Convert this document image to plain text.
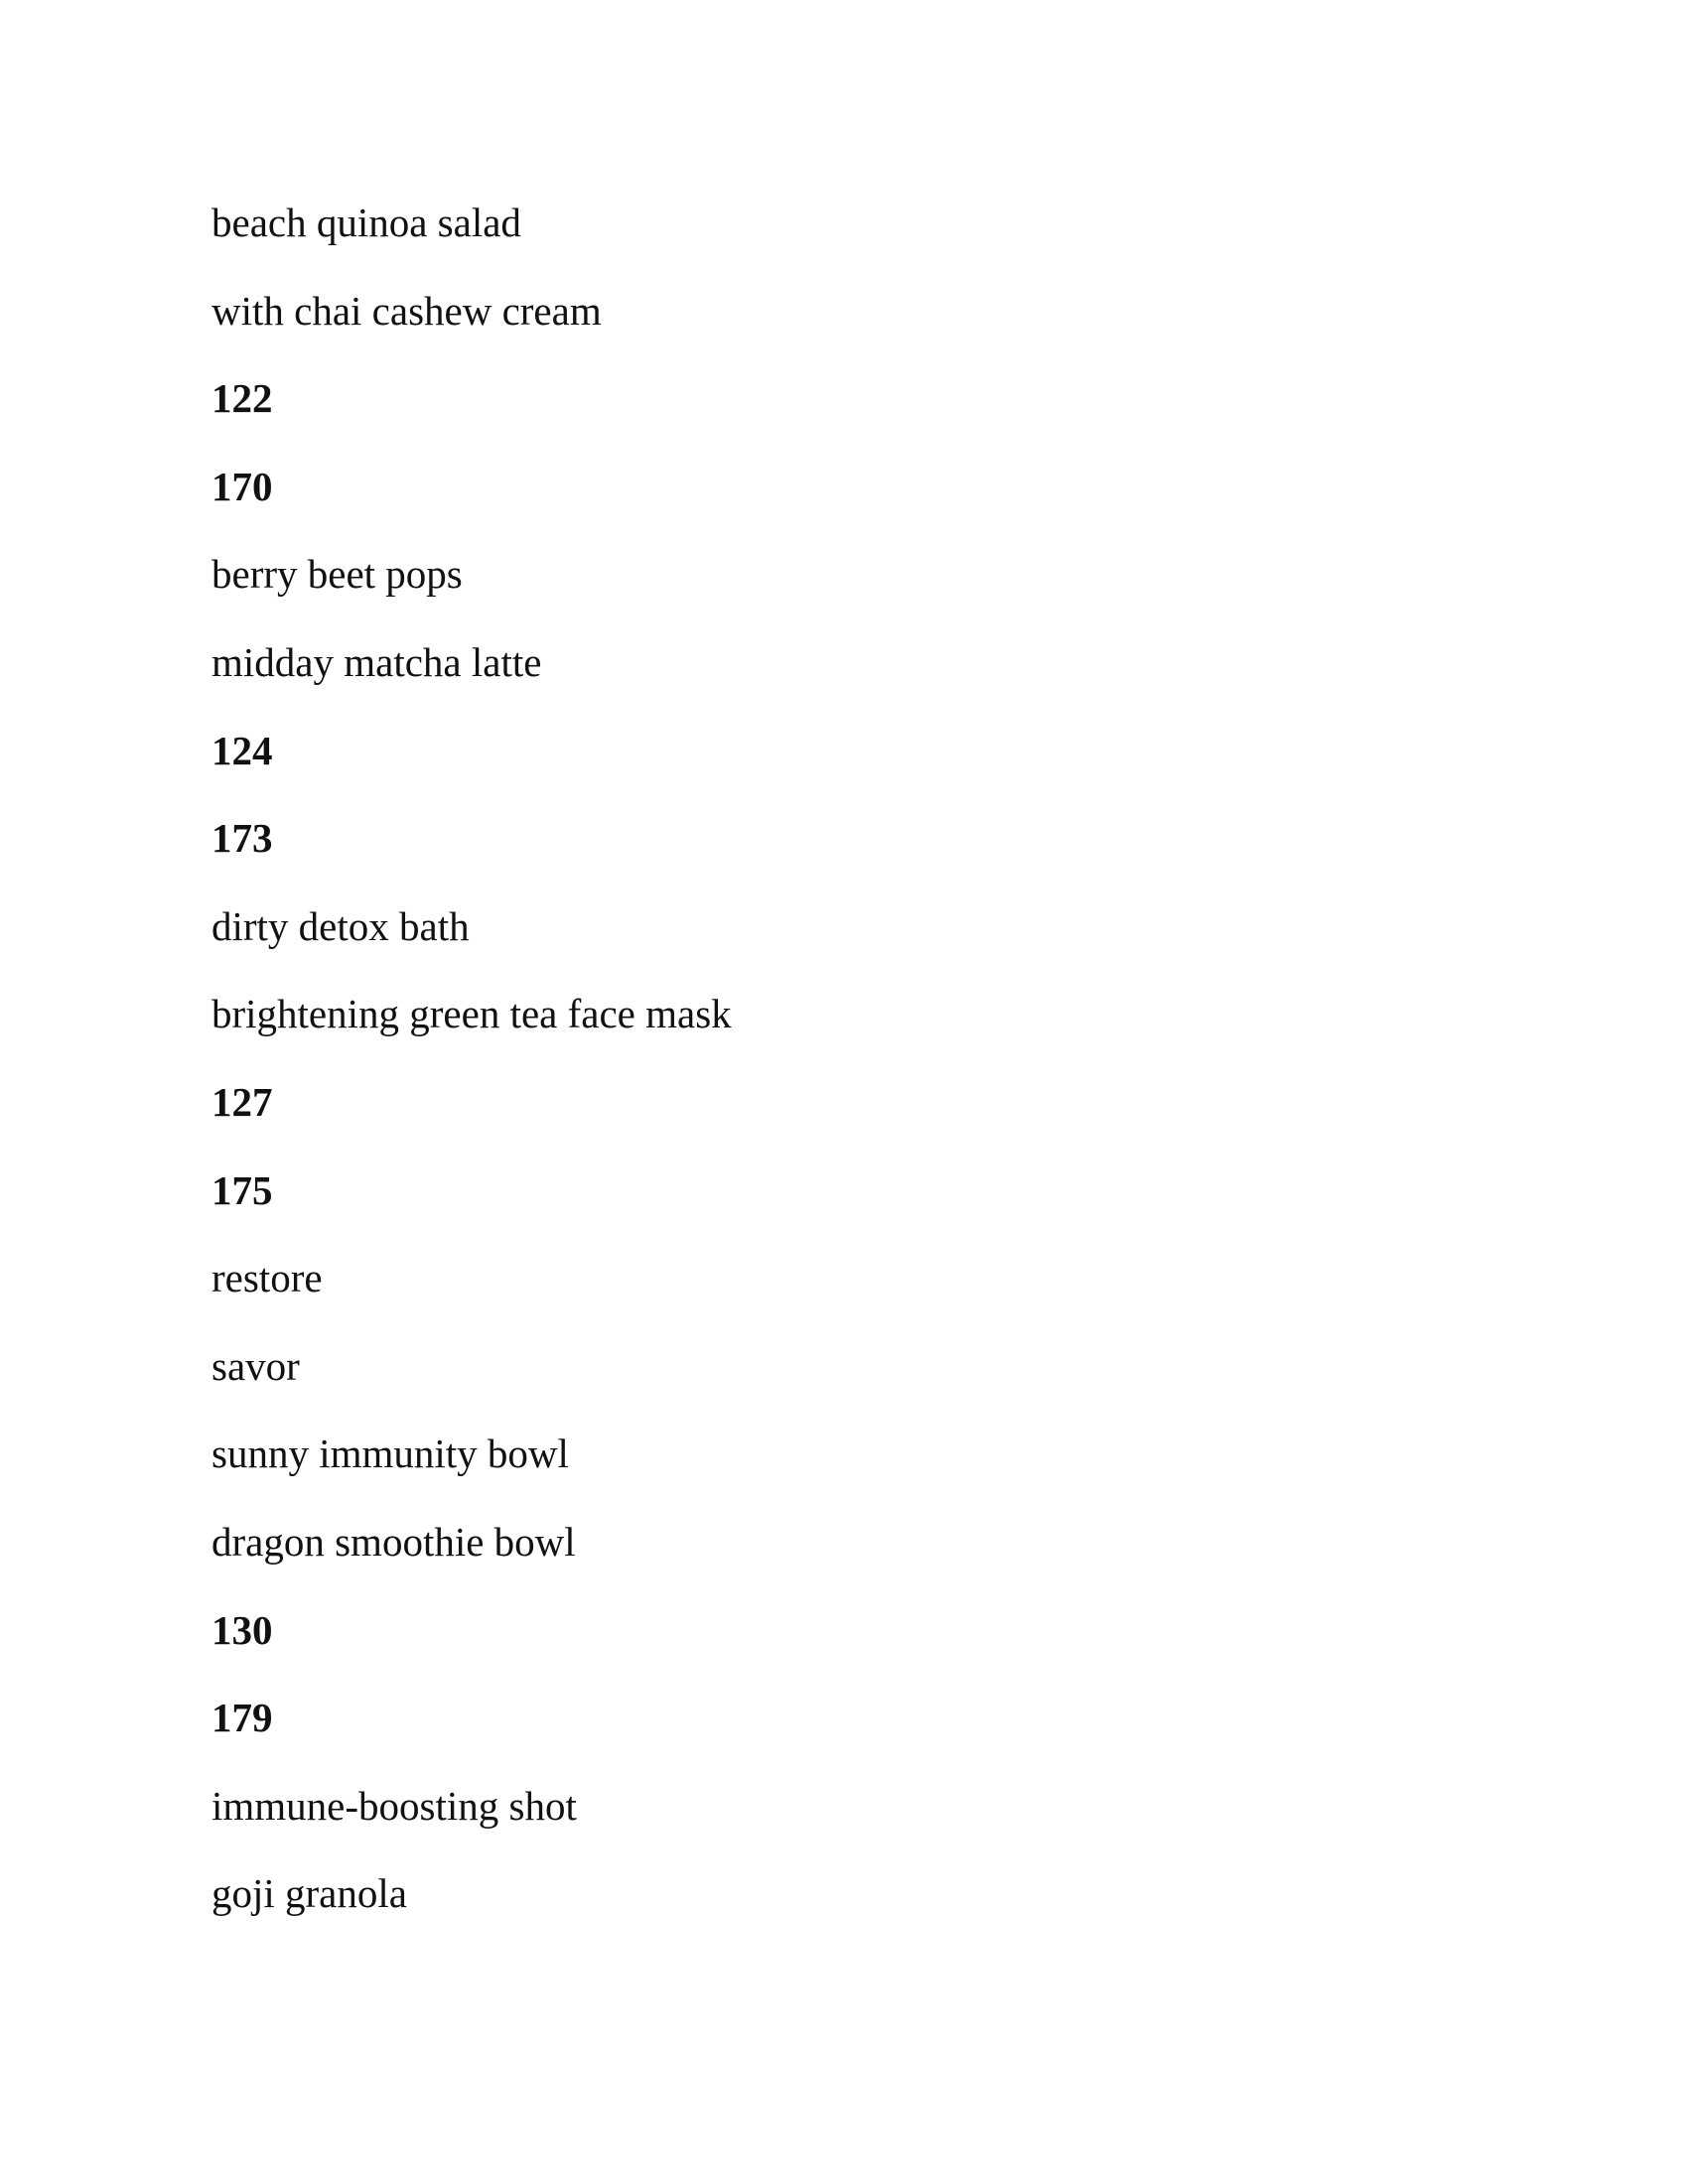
beach quinoa salad
with chai cashew cream
122
170
berry beet pops
midday matcha latte
124
173
dirty detox bath
brightening green tea face mask
127
175
restore
savor
sunny immunity bowl
dragon smoothie bowl
130
179
immune-boosting shot
goji granola
